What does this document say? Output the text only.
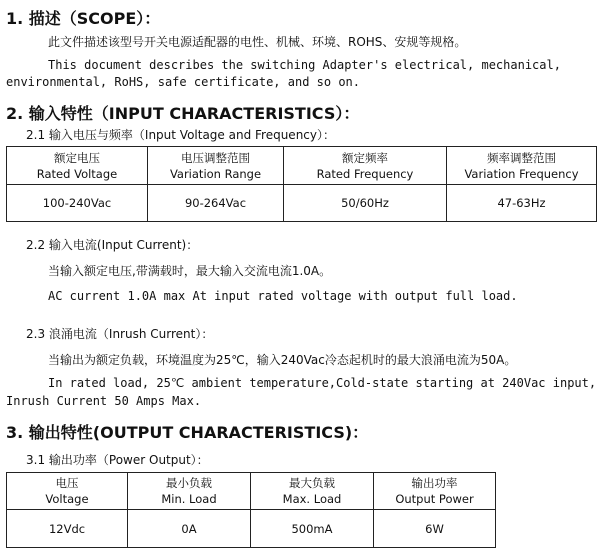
1. 描述（SCOPE）：
此文件描述该型号开关电源适配器的电性、机械、环境、ROHS、安规等规格。
This document describes the switching Adapter's electrical, mechanical,
environmental, RoHS, safe certificate, and so on.
2. 输入特性（INPUT CHARACTERISTICS）：
2.1 输入电压与频率（Input Voltage and Frequency）：
额定电压
Rated Voltage	电压调整范围
Variation Range	额定频率
Rated Frequency	频率调整范围
Variation Frequency

100-240Vac	90-264Vac	50/60Hz	47-63Hz
2.2 输入电流(Input Current)：
当输入额定电压,带满载时，最大输入交流电流1.0A。
AC current 1.0A max At input rated voltage with output full load.
2.3 浪涌电流（Inrush Current）：
当输出为额定负载，环境温度为25℃，输入240Vac冷态起机时的最大浪涌电流为50A。
In rated load, 25℃ ambient temperature,Cold-state starting at 240Vac input,
Inrush Current 50 Amps Max.
3. 输出特性(OUTPUT CHARACTERISTICS)：
3.1 输出功率（Power Output）：
电压
Voltage	最小负载
Min. Load	最大负载
Max. Load	输出功率
Output Power

12Vdc	0A	500mA	6W
